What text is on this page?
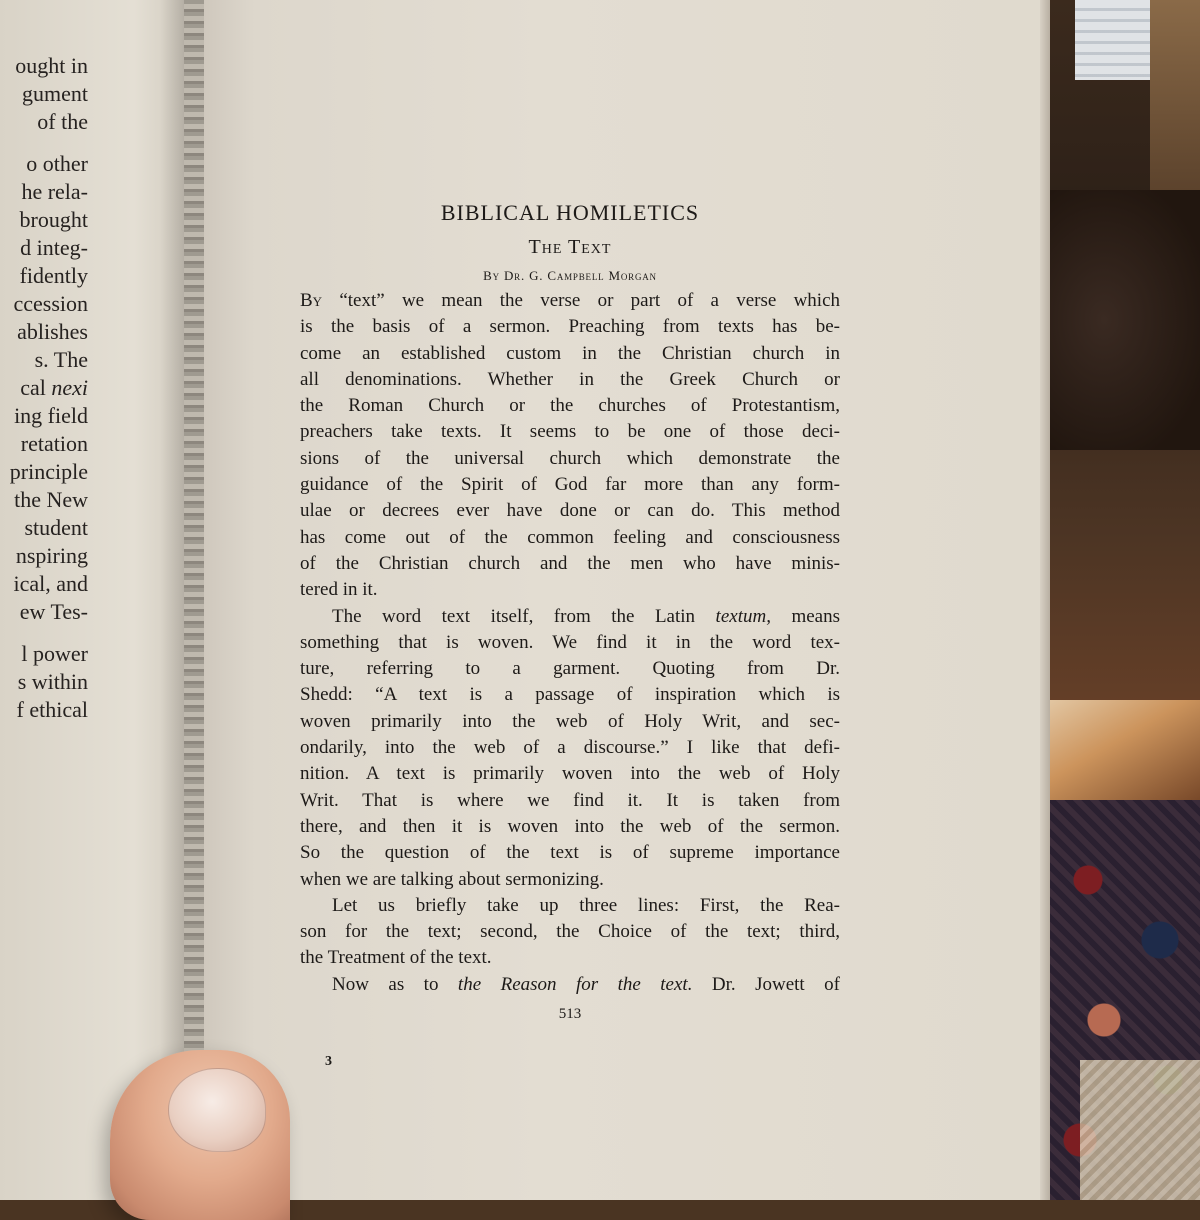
ought in
gument
of the
o other
he rela-
brought
d integ-
fidently
ccession
ablishes
s. The
cal nexi
ing field
retation
principle
the New
student
nspiring
ical, and
ew Tes-
l power
s within
f ethical
BIBLICAL HOMILETICS
The Text
By Dr. G. Campbell Morgan
By “text” we mean the verse or part of a verse which
is the basis of a sermon. Preaching from texts has be-
come an established custom in the Christian church in
all denominations. Whether in the Greek Church or
the Roman Church or the churches of Protestantism,
preachers take texts. It seems to be one of those deci-
sions of the universal church which demonstrate the
guidance of the Spirit of God far more than any form-
ulae or decrees ever have done or can do. This method
has come out of the common feeling and consciousness
of the Christian church and the men who have minis-
tered in it.
The word text itself, from the Latin textum, means
something that is woven. We find it in the word tex-
ture, referring to a garment. Quoting from Dr.
Shedd: “A text is a passage of inspiration which is
woven primarily into the web of Holy Writ, and sec-
ondarily, into the web of a discourse.” I like that defi-
nition. A text is primarily woven into the web of Holy
Writ. That is where we find it. It is taken from
there, and then it is woven into the web of the sermon.
So the question of the text is of supreme importance
when we are talking about sermonizing.
Let us briefly take up three lines: First, the Rea-
son for the text; second, the Choice of the text; third,
the Treatment of the text.
Now as to the Reason for the text. Dr. Jowett of
513
3
